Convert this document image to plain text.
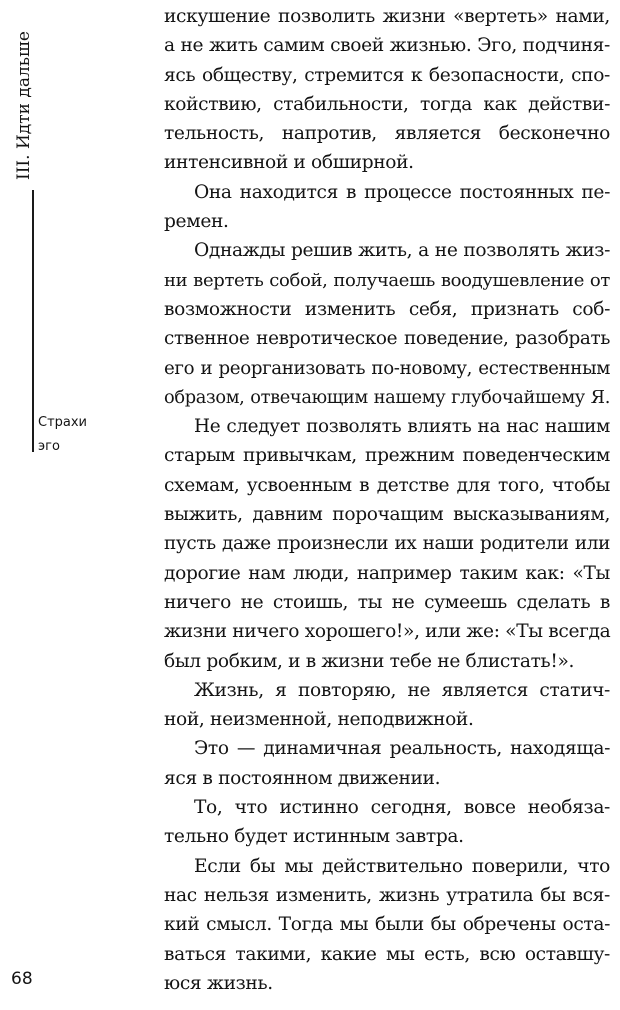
III. Идти дальше
Страхи
эго
искушение позволить жизни «вертеть» нами,
а не жить самим своей жизнью. Эго, подчиня-
ясь обществу, стремится к безопасности, спо-
койствию, стабильности, тогда как действи-
тельность, напротив, является бесконечно
интенсивной и обширной.
Она находится в процессе постоянных пе-
ремен.
Однажды решив жить, а не позволять жиз-
ни вертеть собой, получаешь воодушевление от
возможности изменить себя, признать соб-
ственное невротическое поведение, разобрать
его и реорганизовать по-новому, естественным
образом, отвечающим нашему глубочайшему Я.
Не следует позволять влиять на нас нашим
старым привычкам, прежним поведенческим
схемам, усвоенным в детстве для того, чтобы
выжить, давним порочащим высказываниям,
пусть даже произнесли их наши родители или
дорогие нам люди, например таким как: «Ты
ничего не стоишь, ты не сумеешь сделать в
жизни ничего хорошего!», или же: «Ты всегда
был робким, и в жизни тебе не блистать!».
Жизнь, я повторяю, не является статич-
ной, неизменной, неподвижной.
Это — динамичная реальность, находяща-
яся в постоянном движении.
То, что истинно сегодня, вовсе необяза-
тельно будет истинным завтра.
Если бы мы действительно поверили, что
нас нельзя изменить, жизнь утратила бы вся-
кий смысл. Тогда мы были бы обречены оста-
ваться такими, какие мы есть, всю оставшу-
юся жизнь.
68
